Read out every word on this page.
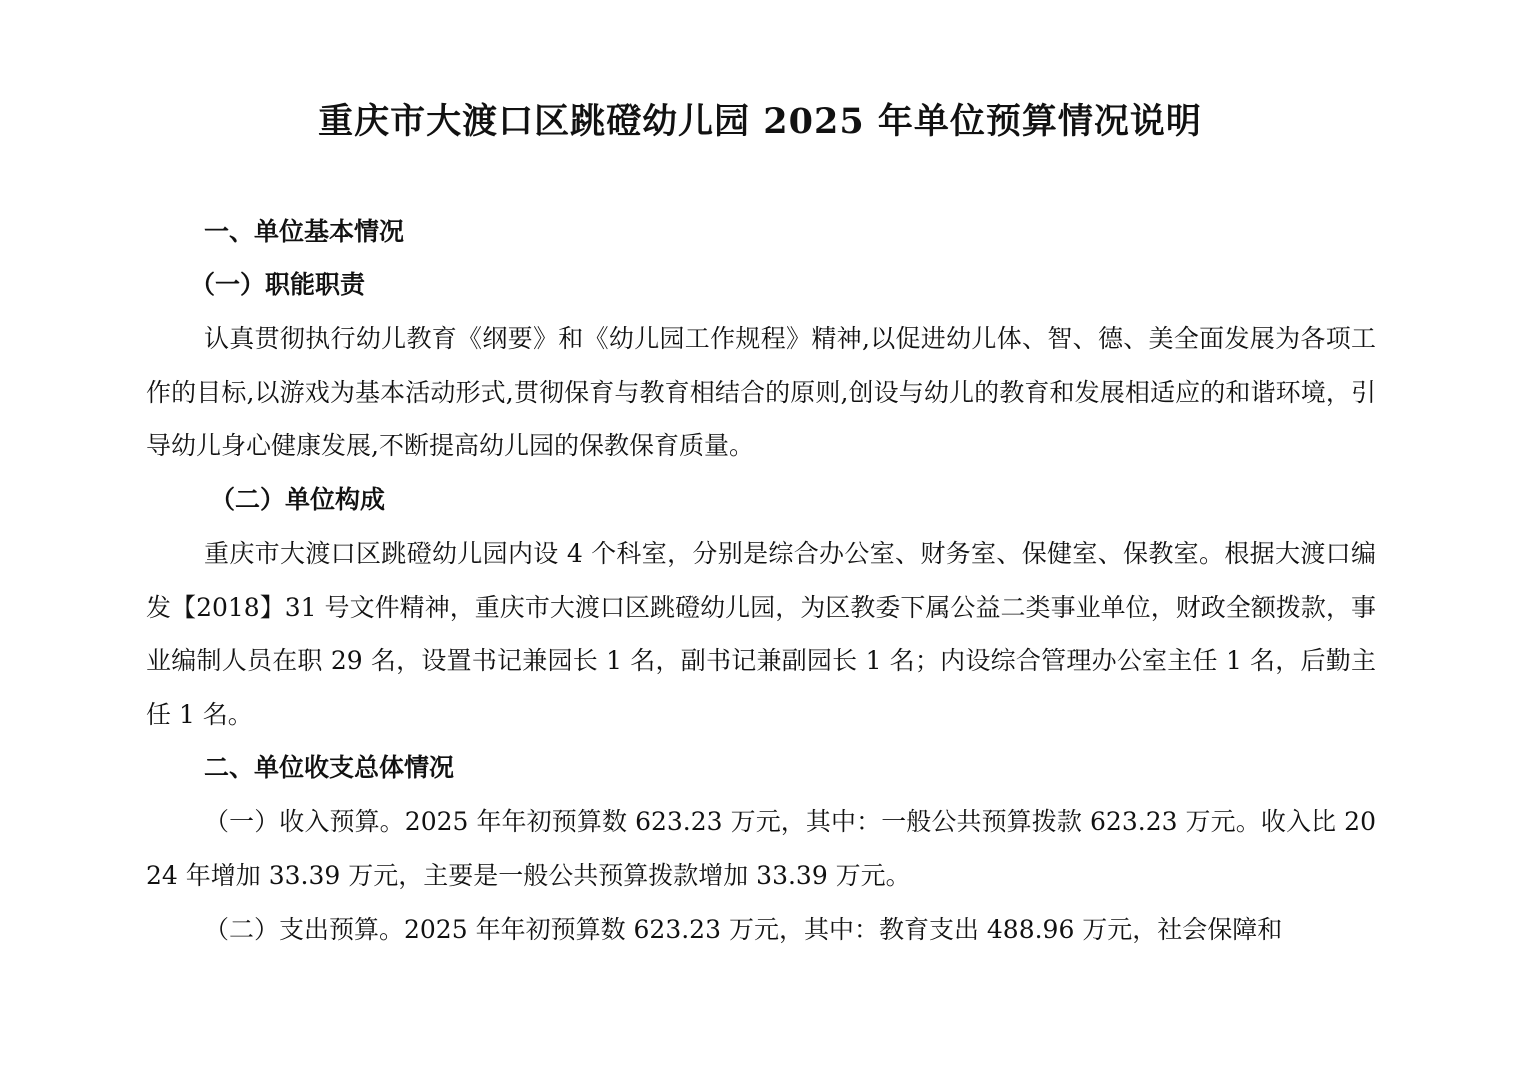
重庆市大渡口区跳磴幼儿园 2025 年单位预算情况说明
一、单位基本情况
（一）职能职责

认真贯彻执行幼儿教育《纲要》和《幼儿园工作规程》精神,以促进幼儿体、智、德、美全面发展为各项工作的目标,以游戏为基本活动形式,贯彻保育与教育相结合的原则,创设与幼儿的教育和发展相适应的和谐环境，引导幼儿身心健康发展,不断提高幼儿园的保教保育质量。

（二）单位构成

重庆市大渡口区跳磴幼儿园内设 4 个科室，分别是综合办公室、财务室、保健室、保教室。根据大渡口编发【2018】31 号文件精神，重庆市大渡口区跳磴幼儿园，为区教委下属公益二类事业单位，财政全额拨款，事业编制人员在职 29 名，设置书记兼园长 1 名，副书记兼副园长 1 名；内设综合管理办公室主任 1 名，后勤主任 1 名。

二、单位收支总体情况

（一）收入预算。2025 年年初预算数 623.23 万元，其中：一般公共预算拨款 623.23 万元。收入比 2024 年增加 33.39 万元，主要是一般公共预算拨款增加 33.39 万元。

（二）支出预算。2025 年年初预算数 623.23 万元，其中：教育支出 488.96 万元，社会保障和
